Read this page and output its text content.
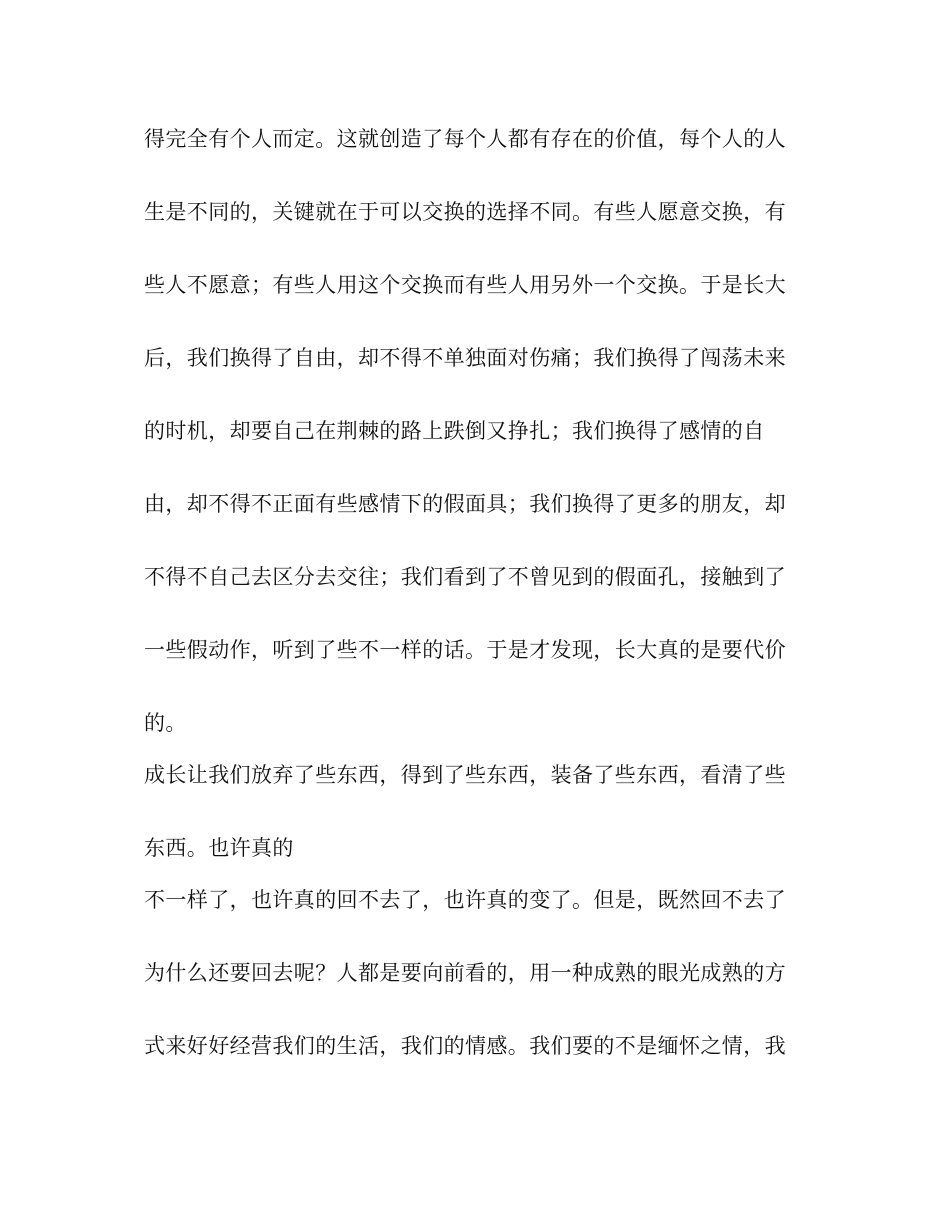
得完全有个人而定。这就创造了每个人都有存在的价值，每个人的人
生是不同的，关键就在于可以交换的选择不同。有些人愿意交换，有
些人不愿意；有些人用这个交换而有些人用另外一个交换。于是长大
后，我们换得了自由，却不得不单独面对伤痛；我们换得了闯荡未来
的时机，却要自己在荆棘的路上跌倒又挣扎；我们换得了感情的自
由，却不得不正面有些感情下的假面具；我们换得了更多的朋友，却
不得不自己去区分去交往；我们看到了不曾见到的假面孔，接触到了
一些假动作，听到了些不一样的话。于是才发现，长大真的是要代价
的。
成长让我们放弃了些东西，得到了些东西，装备了些东西，看清了些
东西。也许真的
不一样了，也许真的回不去了，也许真的变了。但是，既然回不去了
为什么还要回去呢？人都是要向前看的，用一种成熟的眼光成熟的方
式来好好经营我们的生活，我们的情感。我们要的不是缅怀之情，我
